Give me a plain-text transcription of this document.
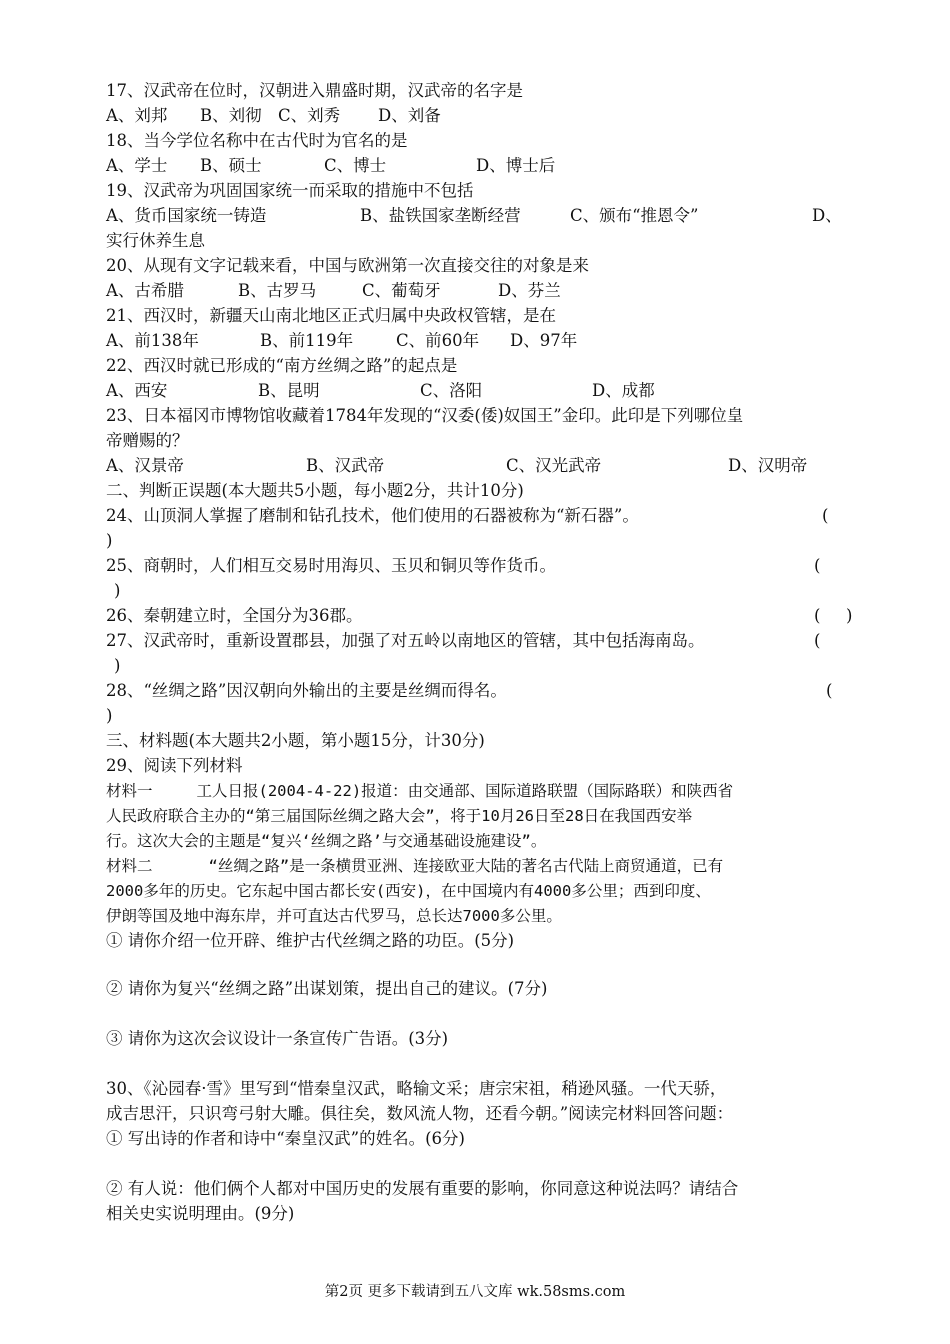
17、汉武帝在位时，汉朝进入鼎盛时期，汉武帝的名字是
A、刘邦 B、刘彻 C、刘秀 D、刘备
18、当今学位名称中在古代时为官名的是
A、学士 B、硕士	C、博士	D、博士后
19、汉武帝为巩固国家统一而采取的措施中不包括
A、货币国家统一铸造	B、盐铁国家垄断经营	C、颁布“推恩令”	D、
实行休养生息
20、从现有文字记载来看，中国与欧洲第一次直接交往的对象是来
A、古希腊	B、古罗马	C、葡萄牙	D、芬兰
21、西汉时，新疆天山南北地区正式归属中央政权管辖，是在
A、前138年	B、前119年	C、前60年 D、97年
22、西汉时就已形成的“南方丝绸之路”的起点是
A、西安	B、昆明	C、洛阳	D、成都
23、日本福冈市博物馆收藏着1784年发现的“汉委(倭)奴国王”金印。此印是下列哪位皇
帝赠赐的？
A、汉景帝	B、汉武帝	C、汉光武帝	D、汉明帝
二、判断正误题(本大题共5小题，每小题2分，共计10分)
24、山顶洞人掌握了磨制和钻孔技术，他们使用的石器被称为“新石器”。	(
)
25、商朝时，人们相互交易时用海贝、玉贝和铜贝等作货币。	(
)
26、秦朝建立时，全国分为36郡。	( )
27、汉武帝时，重新设置郡县，加强了对五岭以南地区的管辖，其中包括海南岛。	(
)
28、“丝绸之路”因汉朝向外输出的主要是丝绸而得名。	(
)
三、材料题(本大题共2小题，第小题15分，计30分)
29、阅读下列材料
材料一	工人日报(2004-4-22)报道：由交通部、国际道路联盟（国际路联）和陕西省
人民政府联合主办的“第三届国际丝绸之路大会”，将于10月26日至28日在我国西安举
行。这次大会的主题是“复兴‘丝绸之路’与交通基础设施建设”。
材料二	“丝绸之路”是一条横贯亚洲、连接欧亚大陆的著名古代陆上商贸通道，已有
2000多年的历史。它东起中国古都长安(西安)，在中国境内有4000多公里；西到印度、
伊朗等国及地中海东岸，并可直达古代罗马，总长达7000多公里。
① 请你介绍一位开辟、维护古代丝绸之路的功臣。(5分)
② 请你为复兴“丝绸之路”出谋划策，提出自己的建议。(7分)
③ 请你为这次会议设计一条宣传广告语。(3分)
30、《沁园春·雪》里写到“惜秦皇汉武，略输文采；唐宗宋祖，稍逊风骚。一代天骄，
成吉思汗，只识弯弓射大雕。俱往矣，数风流人物，还看今朝。”阅读完材料回答问题：
① 写出诗的作者和诗中“秦皇汉武”的姓名。(6分)
② 有人说：他们俩个人都对中国历史的发展有重要的影响，你同意这种说法吗？请结合
相关史实说明理由。(9分)
第2页 更多下载请到五八文库 wk.58sms.com
